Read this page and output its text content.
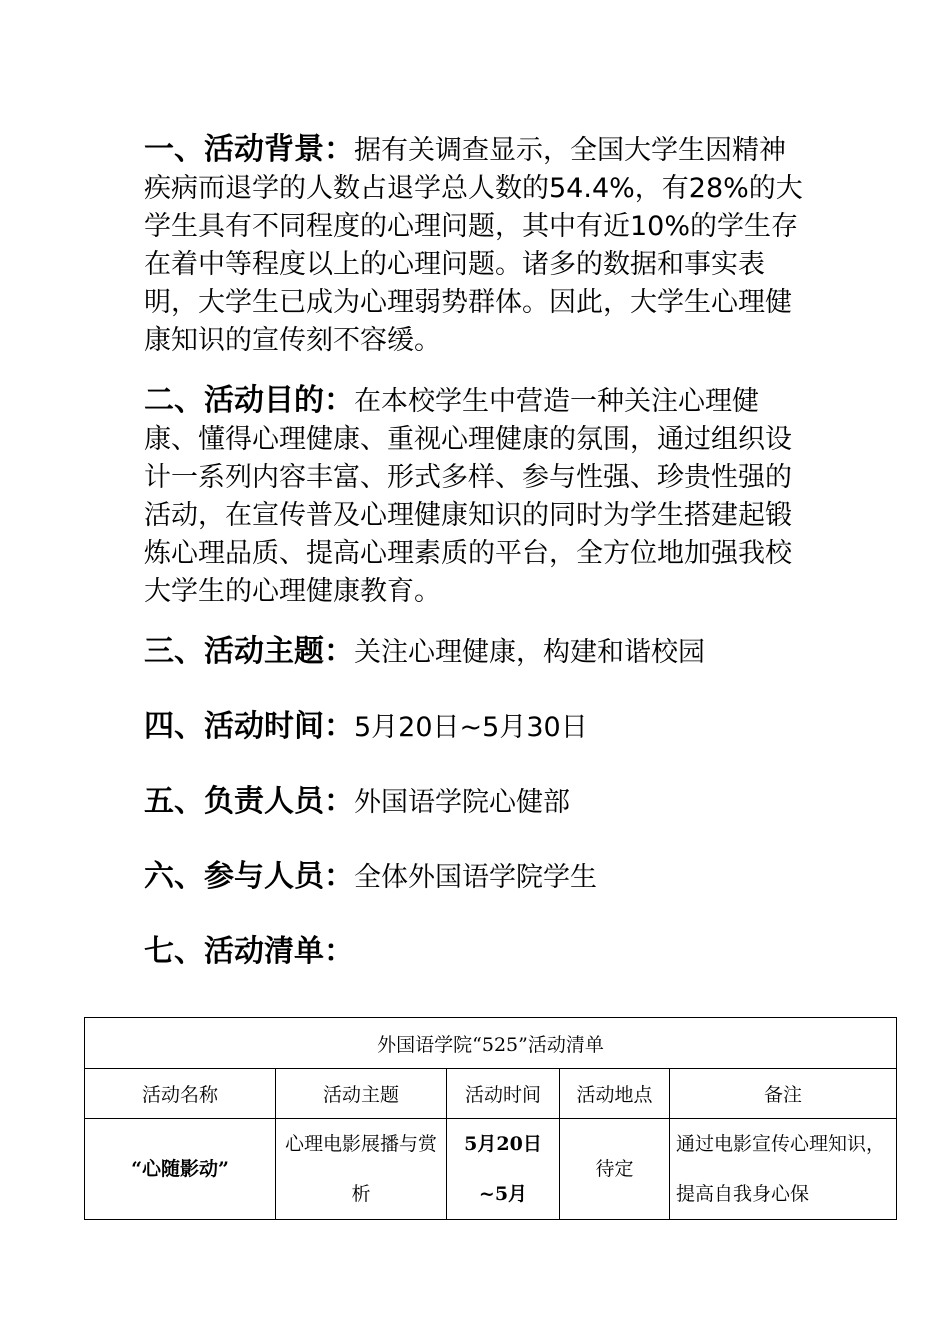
一、活动背景：据有关调查显示，全国大学生因精神疾病而退学的人数占退学总人数的54.4%，有28%的大学生具有不同程度的心理问题，其中有近10%的学生存在着中等程度以上的心理问题。诸多的数据和事实表明，大学生已成为心理弱势群体。因此，大学生心理健康知识的宣传刻不容缓。

二、活动目的：在本校学生中营造一种关注心理健康、懂得心理健康、重视心理健康的氛围，通过组织设计一系列内容丰富、形式多样、参与性强、珍贵性强的活动，在宣传普及心理健康知识的同时为学生搭建起锻炼心理品质、提高心理素质的平台，全方位地加强我校大学生的心理健康教育。

三、活动主题：关注心理健康，构建和谐校园

四、活动时间：5月20日~5月30日

五、负责人员：外国语学院心健部

六、参与人员：全体外国语学院学生

七、活动清单：

外国语学院“525”活动清单				
活动名称	活动主题	活动时间	活动地点	备注
“心随影动”	心理电影展播与赏析	5月20日~5月	待定	通过电影宣传心理知识，提高自我身心保
